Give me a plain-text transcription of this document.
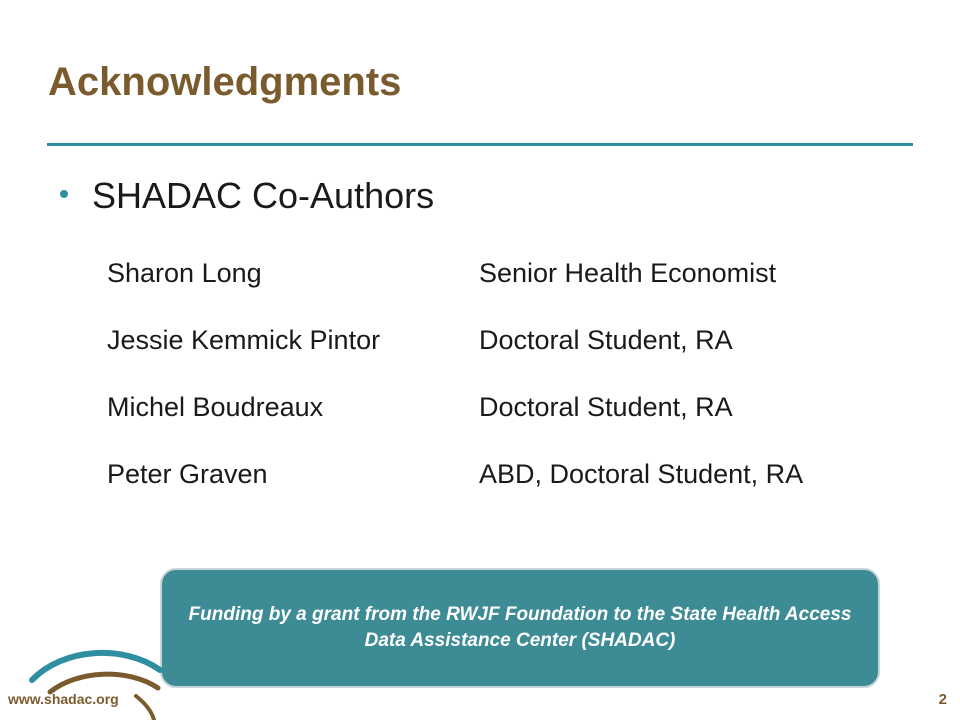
Acknowledgments
SHADAC Co-Authors
Sharon Long	Senior Health Economist
Jessie Kemmick Pintor	Doctoral Student, RA
Michel Boudreaux	Doctoral Student, RA
Peter Graven	ABD, Doctoral Student, RA
Funding by a grant from the RWJF Foundation to the State Health Access Data Assistance Center (SHADAC)
www.shadac.org	2
